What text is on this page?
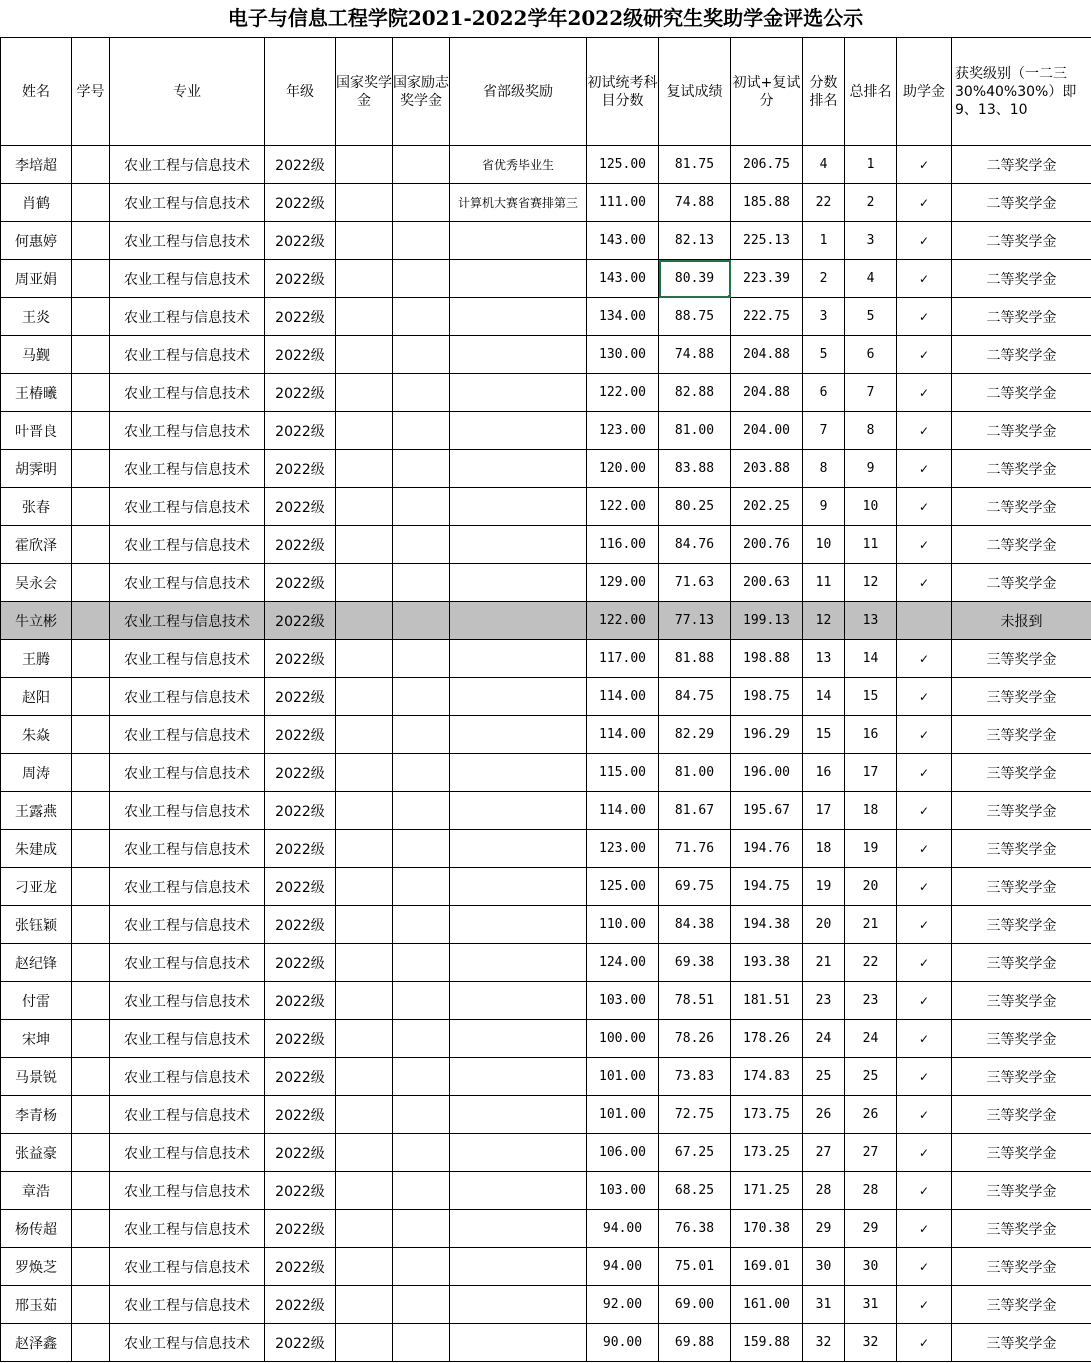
电子与信息工程学院2021-2022学年2022级研究生奖助学金评选公示
姓名	学号	专业	年级	国家奖学金	国家励志奖学金	省部级奖励	初试统考科目分数	复试成绩	初试+复试分	分数排名	总排名	助学金	获奖级别（一二三30%40%30%）即9、13、10
李培超		农业工程与信息技术	2022级			省优秀毕业生	125.00	81.75	206.75	4	1	✓	二等奖学金
肖鹤		农业工程与信息技术	2022级			计算机大赛省赛排第三	111.00	74.88	185.88	22	2	✓	二等奖学金
何惠婷		农业工程与信息技术	2022级				143.00	82.13	225.13	1	3	✓	二等奖学金
周亚娟		农业工程与信息技术	2022级				143.00	80.39	223.39	2	4	✓	二等奖学金
王炎		农业工程与信息技术	2022级				134.00	88.75	222.75	3	5	✓	二等奖学金
马觐		农业工程与信息技术	2022级				130.00	74.88	204.88	5	6	✓	二等奖学金
王椿曦		农业工程与信息技术	2022级				122.00	82.88	204.88	6	7	✓	二等奖学金
叶晋良		农业工程与信息技术	2022级				123.00	81.00	204.00	7	8	✓	二等奖学金
胡霁明		农业工程与信息技术	2022级				120.00	83.88	203.88	8	9	✓	二等奖学金
张春		农业工程与信息技术	2022级				122.00	80.25	202.25	9	10	✓	二等奖学金
霍欣泽		农业工程与信息技术	2022级				116.00	84.76	200.76	10	11	✓	二等奖学金
吴永会		农业工程与信息技术	2022级				129.00	71.63	200.63	11	12	✓	二等奖学金
牛立彬		农业工程与信息技术	2022级				122.00	77.13	199.13	12	13		未报到
王腾		农业工程与信息技术	2022级				117.00	81.88	198.88	13	14	✓	三等奖学金
赵阳		农业工程与信息技术	2022级				114.00	84.75	198.75	14	15	✓	三等奖学金
朱焱		农业工程与信息技术	2022级				114.00	82.29	196.29	15	16	✓	三等奖学金
周涛		农业工程与信息技术	2022级				115.00	81.00	196.00	16	17	✓	三等奖学金
王露燕		农业工程与信息技术	2022级				114.00	81.67	195.67	17	18	✓	三等奖学金
朱建成		农业工程与信息技术	2022级				123.00	71.76	194.76	18	19	✓	三等奖学金
刁亚龙		农业工程与信息技术	2022级				125.00	69.75	194.75	19	20	✓	三等奖学金
张钰颖		农业工程与信息技术	2022级				110.00	84.38	194.38	20	21	✓	三等奖学金
赵纪锋		农业工程与信息技术	2022级				124.00	69.38	193.38	21	22	✓	三等奖学金
付雷		农业工程与信息技术	2022级				103.00	78.51	181.51	23	23	✓	三等奖学金
宋坤		农业工程与信息技术	2022级				100.00	78.26	178.26	24	24	✓	三等奖学金
马景锐		农业工程与信息技术	2022级				101.00	73.83	174.83	25	25	✓	三等奖学金
李青杨		农业工程与信息技术	2022级				101.00	72.75	173.75	26	26	✓	三等奖学金
张益豪		农业工程与信息技术	2022级				106.00	67.25	173.25	27	27	✓	三等奖学金
章浩		农业工程与信息技术	2022级				103.00	68.25	171.25	28	28	✓	三等奖学金
杨传超		农业工程与信息技术	2022级				94.00	76.38	170.38	29	29	✓	三等奖学金
罗焕芝		农业工程与信息技术	2022级				94.00	75.01	169.01	30	30	✓	三等奖学金
邢玉茹		农业工程与信息技术	2022级				92.00	69.00	161.00	31	31	✓	三等奖学金
赵泽鑫		农业工程与信息技术	2022级				90.00	69.88	159.88	32	32	✓	三等奖学金
